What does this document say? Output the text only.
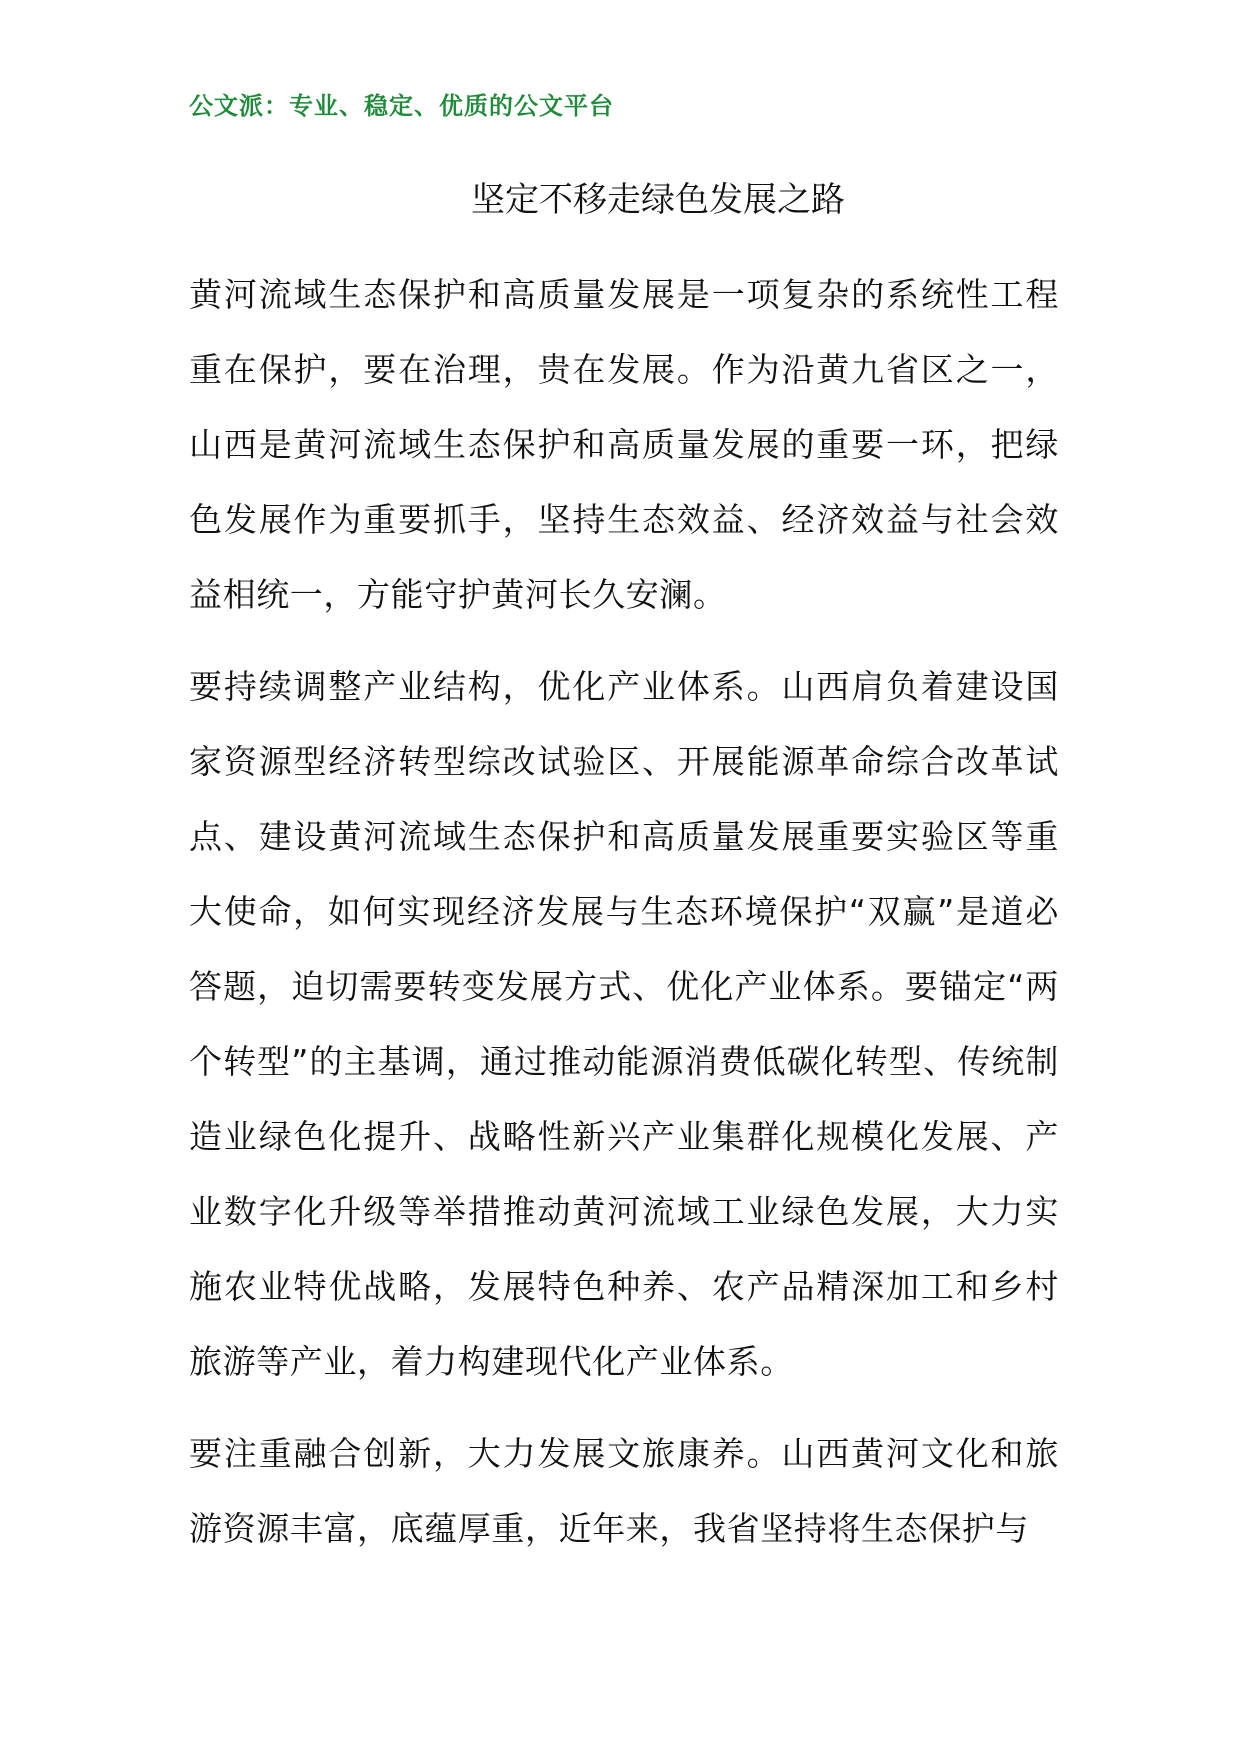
公文派：专业、稳定、优质的公文平台
坚定不移走绿色发展之路

黄河流域生态保护和高质量发展是一项复杂的系统性工程重在保护，要在治理，贵在发展。作为沿黄九省区之一，山西是黄河流域生态保护和高质量发展的重要一环，把绿色发展作为重要抓手，坚持生态效益、经济效益与社会效益相统一，方能守护黄河长久安澜。

要持续调整产业结构，优化产业体系。山西肩负着建设国家资源型经济转型综改试验区、开展能源革命综合改革试点、建设黄河流域生态保护和高质量发展重要实验区等重大使命，如何实现经济发展与生态环境保护“双赢”是道必答题，迫切需要转变发展方式、优化产业体系。要锚定“两个转型”的主基调，通过推动能源消费低碳化转型、传统制造业绿色化提升、战略性新兴产业集群化规模化发展、产业数字化升级等举措推动黄河流域工业绿色发展，大力实施农业特优战略，发展特色种养、农产品精深加工和乡村旅游等产业，着力构建现代化产业体系。

要注重融合创新，大力发展文旅康养。山西黄河文化和旅游资源丰富，底蕴厚重，近年来，我省坚持将生态保护与
